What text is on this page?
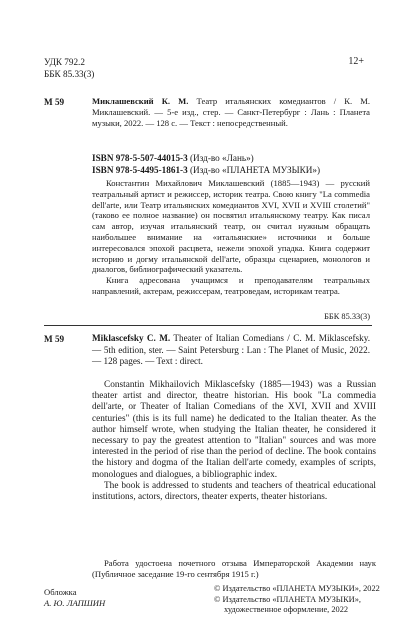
УДК 792.2
ББК 85.33(3)
12+
М 59	Миклашевский К. М. Театр итальянских комедиантов / К. М. Миклашевский. — 5-е изд., стер. — Санкт-Петербург : Лань : Планета музыки, 2022. — 128 с. — Текст : непосредственный.

ISBN 978-5-507-44015-3 (Изд-во «Лань»)
ISBN 978-5-4495-1861-3 (Изд-во «ПЛАНЕТА МУЗЫКИ»)

Константин Михайлович Миклашевский (1885—1943) — русский театральный артист и режиссер, историк театра. Свою книгу "La commedia dell'arte, или Театр итальянских комедиантов XVI, XVII и XVIII столетий" (таково ее полное название) он посвятил итальянскому театру. Как писал сам автор, изучая итальянский театр, он считал нужным обращать наибольшее внимание на «итальянские» источники и больше интересовался эпохой расцвета, нежели эпохой упадка. Книга содержит историю и догму итальянской dell'arte, образцы сценариев, монологов и диалогов, библиографический указатель.

Книга адресована учащимся и преподавателям театральных направлений, актерам, режиссерам, театроведам, историкам театра.

ББК 85.33(3)
М 59	Miklascefsky C. M. Theater of Italian Comedians / C. M. Miklascefsky. — 5th edition, ster. — Saint Petersburg : Lan : The Planet of Music, 2022. — 128 pages. — Text : direct.

Constantin Mikhailovich Miklascefsky (1885—1943) was a Russian theater artist and director, theatre historian. His book "La commedia dell'arte, or Theater of Italian Comedians of the XVI, XVII and XVIII centuries" (this is its full name) he dedicated to the Italian theater. As the author himself wrote, when studying the Italian theater, he considered it necessary to pay the greatest attention to "Italian" sources and was more interested in the period of rise than the period of decline. The book contains the history and dogma of the Italian dell'arte comedy, examples of scripts, monologues and dialogues, a bibliographic index.

The book is addressed to students and teachers of theatrical educational institutions, actors, directors, theater experts, theater historians.

Работа удостоена почетного отзыва Императорской Академии наук (Публичное заседание 19-го сентября 1915 г.)
Обложка
А. Ю. ЛАПШИН
© Издательство «ПЛАНЕТА МУЗЫКИ», 2022
© Издательство «ПЛАНЕТА МУЗЫКИ», художественное оформление, 2022
